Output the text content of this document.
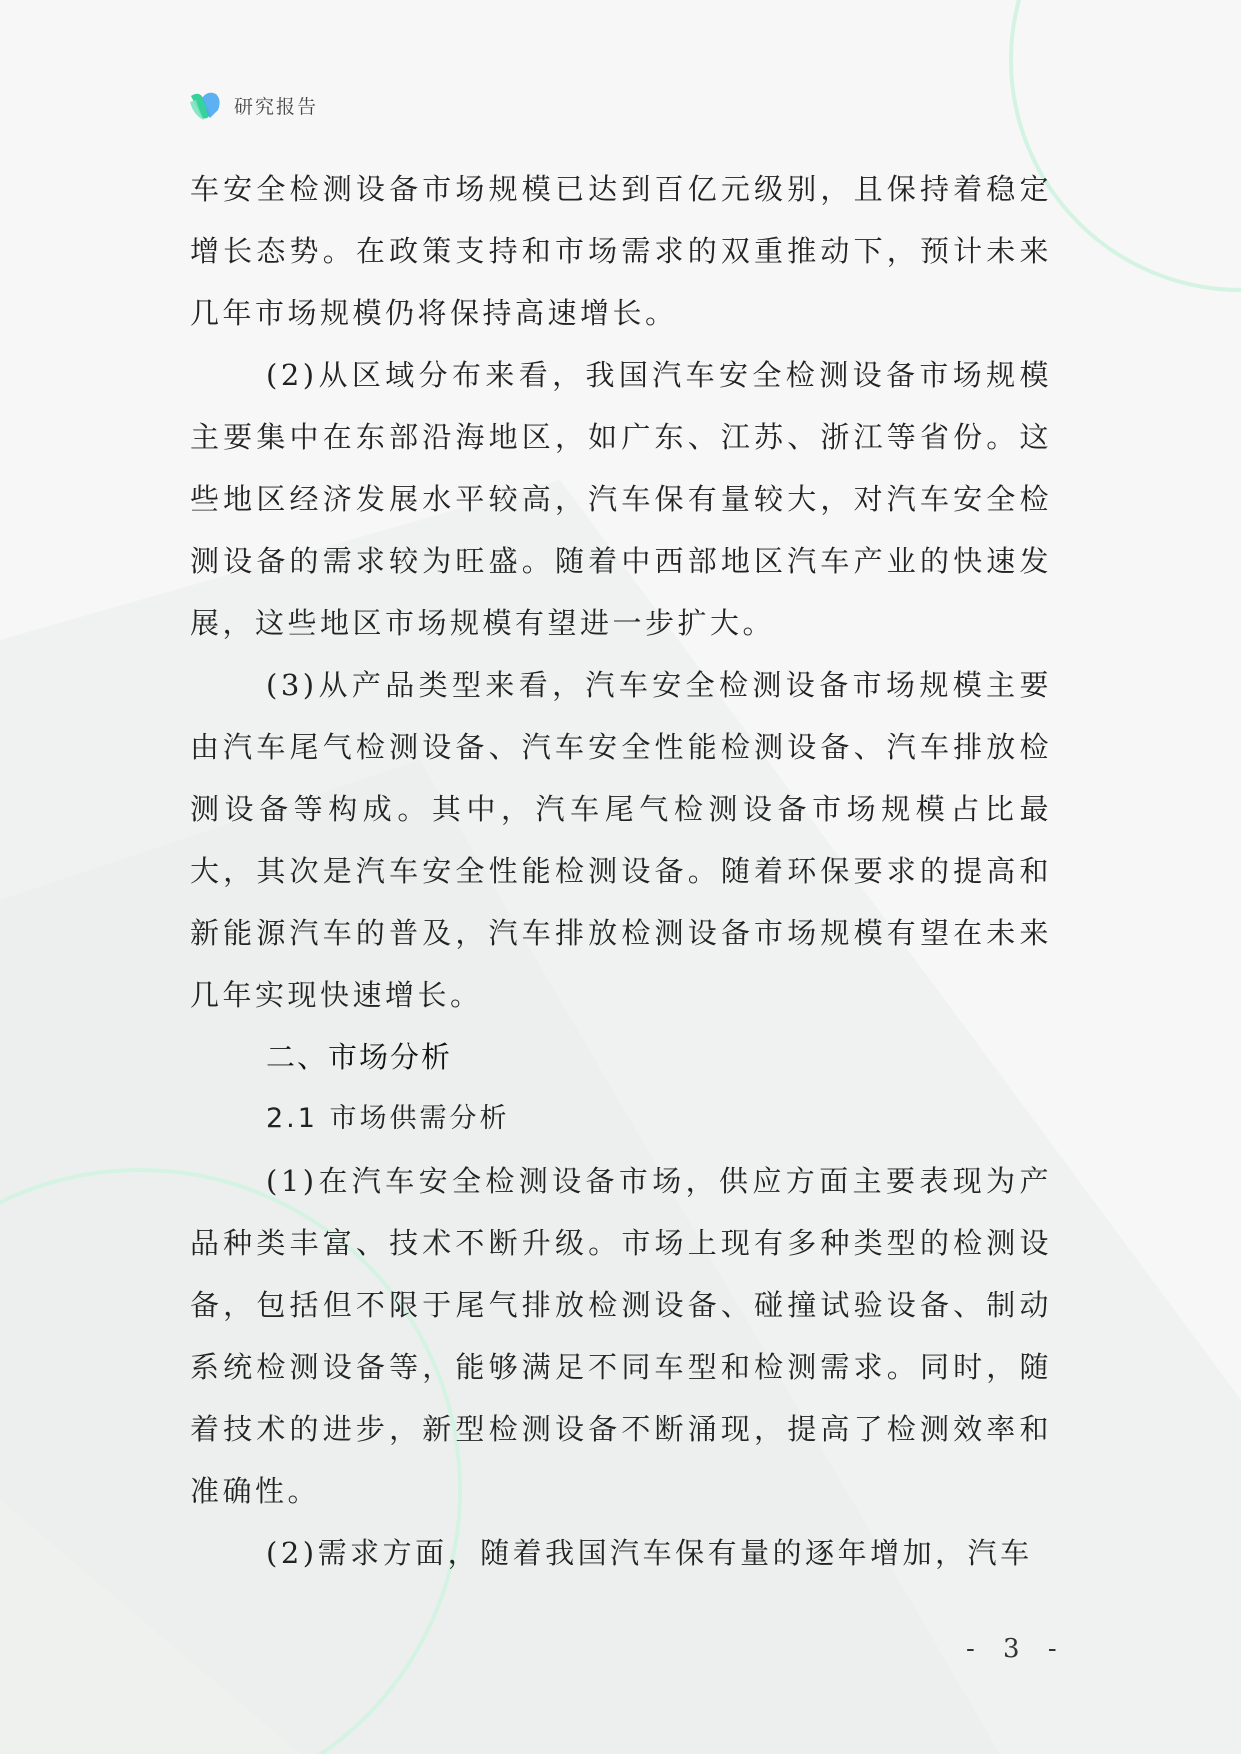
研究报告

车安全检测设备市场规模已达到百亿元级别，且保持着稳定增长态势。在政策支持和市场需求的双重推动下，预计未来几年市场规模仍将保持高速增长。

(2)从区域分布来看，我国汽车安全检测设备市场规模主要集中在东部沿海地区，如广东、江苏、浙江等省份。这些地区经济发展水平较高，汽车保有量较大，对汽车安全检测设备的需求较为旺盛。随着中西部地区汽车产业的快速发展，这些地区市场规模有望进一步扩大。

(3)从产品类型来看，汽车安全检测设备市场规模主要由汽车尾气检测设备、汽车安全性能检测设备、汽车排放检测设备等构成。其中，汽车尾气检测设备市场规模占比最大，其次是汽车安全性能检测设备。随着环保要求的提高和新能源汽车的普及，汽车排放检测设备市场规模有望在未来几年实现快速增长。

二、市场分析

2.1 市场供需分析

(1)在汽车安全检测设备市场，供应方面主要表现为产品种类丰富、技术不断升级。市场上现有多种类型的检测设备，包括但不限于尾气排放检测设备、碰撞试验设备、制动系统检测设备等，能够满足不同车型和检测需求。同时，随着技术的进步，新型检测设备不断涌现，提高了检测效率和准确性。

(2)需求方面，随着我国汽车保有量的逐年增加，汽车

- 3 -
